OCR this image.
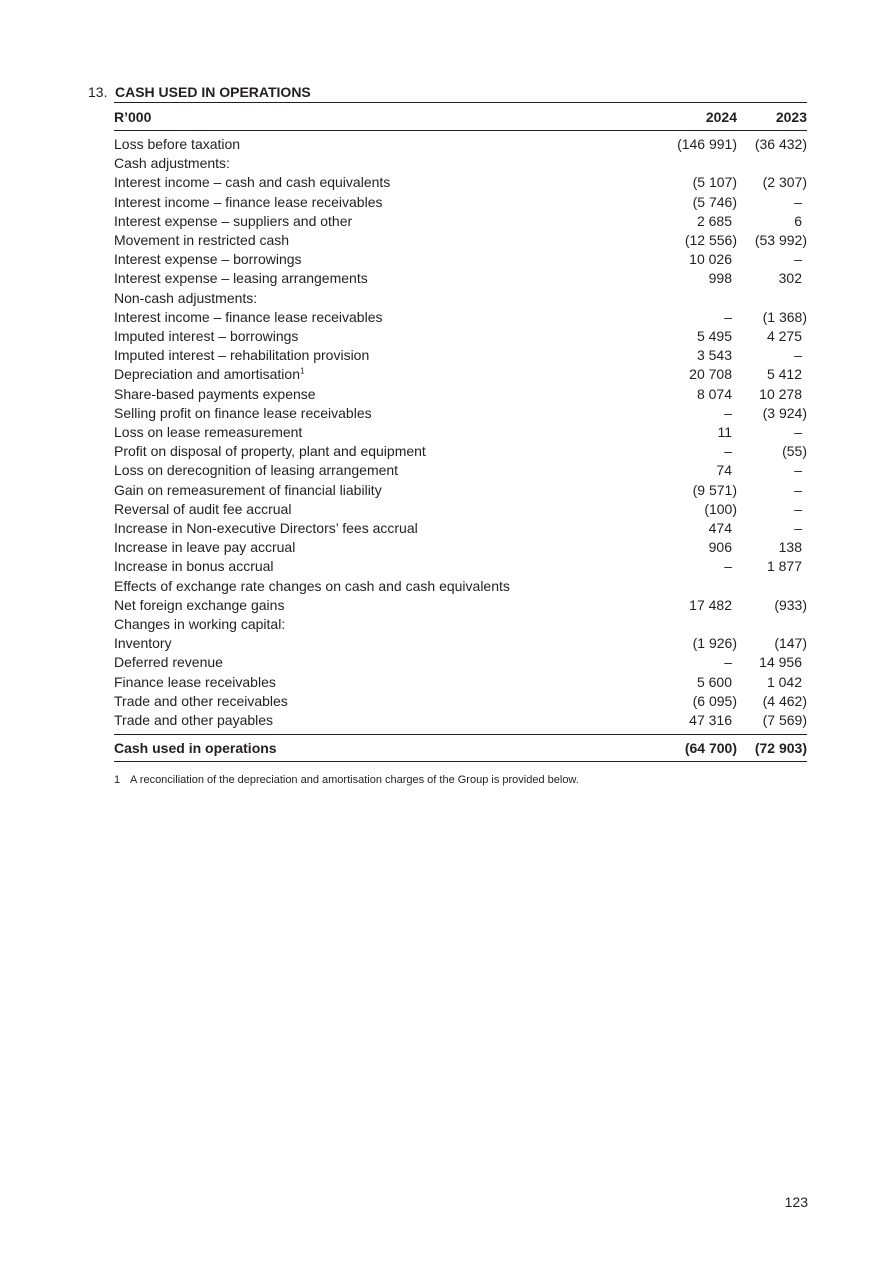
13. CASH USED IN OPERATIONS
R’000	2024	2023
Loss before taxation	(146 991)	(36 432)
Cash adjustments:		
Interest income – cash and cash equivalents	(5 107)	(2 307)
Interest income – finance lease receivables	(5 746)	–
Interest expense – suppliers and other	2 685	6
Movement in restricted cash	(12 556)	(53 992)
Interest expense – borrowings	10 026	–
Interest expense – leasing arrangements	998	302
Non-cash adjustments:		
Interest income – finance lease receivables	–	(1 368)
Imputed interest – borrowings	5 495	4 275
Imputed interest – rehabilitation provision	3 543	–
Depreciation and amortisation$^1$	20 708	5 412
Share-based payments expense	8 074	10 278
Selling profit on finance lease receivables	–	(3 924)
Loss on lease remeasurement	11	–
Profit on disposal of property, plant and equipment	–	(55)
Loss on derecognition of leasing arrangement	74	–
Gain on remeasurement of financial liability	(9 571)	–
Reversal of audit fee accrual	(100)	–
Increase in Non-executive Directors’ fees accrual	474	–
Increase in leave pay accrual	906	138
Increase in bonus accrual	–	1 877
Effects of exchange rate changes on cash and cash equivalents		
Net foreign exchange gains	17 482	(933)
Changes in working capital:		
Inventory	(1 926)	(147)
Deferred revenue	–	14 956
Finance lease receivables	5 600	1 042
Trade and other receivables	(6 095)	(4 462)
Trade and other payables	47 316	(7 569)
Cash used in operations	(64 700)	(72 903)
1 A reconciliation of the depreciation and amortisation charges of the Group is provided below.
123
